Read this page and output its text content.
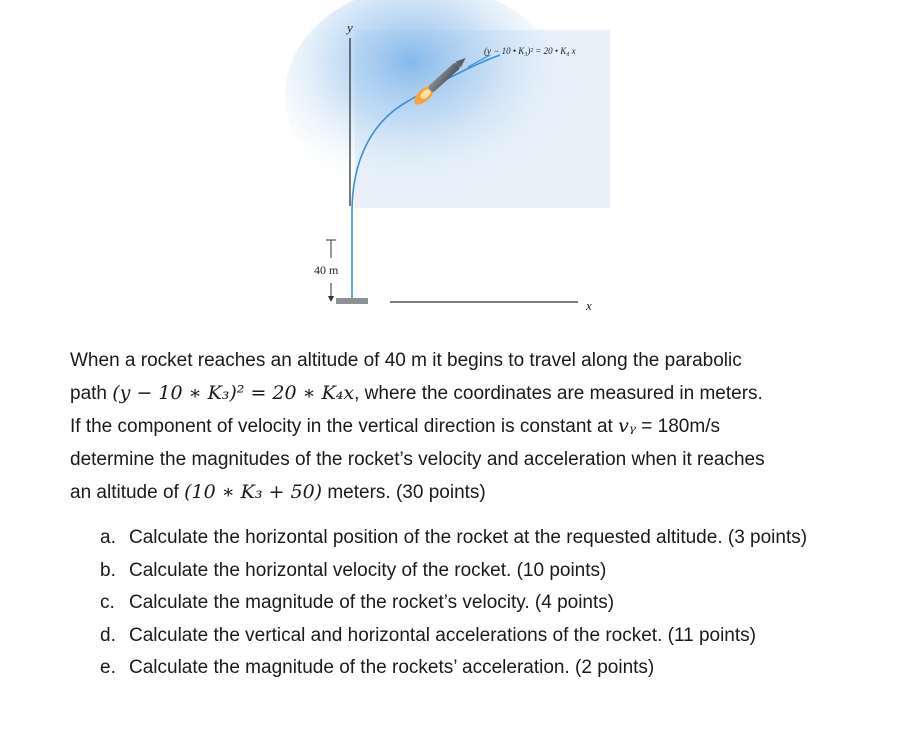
y
x
40 m
(y − 10 • K₃)² = 20 • K₄ x
When a rocket reaches an altitude of 40 m it begins to travel along the parabolic
path (y − 10 ∗ K₃)² = 20 ∗ K₄x, where the coordinates are measured in meters.
If the component of velocity in the vertical direction is constant at vᵧ = 180m/s
determine the magnitudes of the rocket’s velocity and acceleration when it reaches
an altitude of (10 ∗ K₃ + 50) meters. (30 points)
a. Calculate the horizontal position of the rocket at the requested altitude. (3 points)
b. Calculate the horizontal velocity of the rocket. (10 points)
c. Calculate the magnitude of the rocket’s velocity. (4 points)
d. Calculate the vertical and horizontal accelerations of the rocket. (11 points)
e. Calculate the magnitude of the rockets’ acceleration. (2 points)
